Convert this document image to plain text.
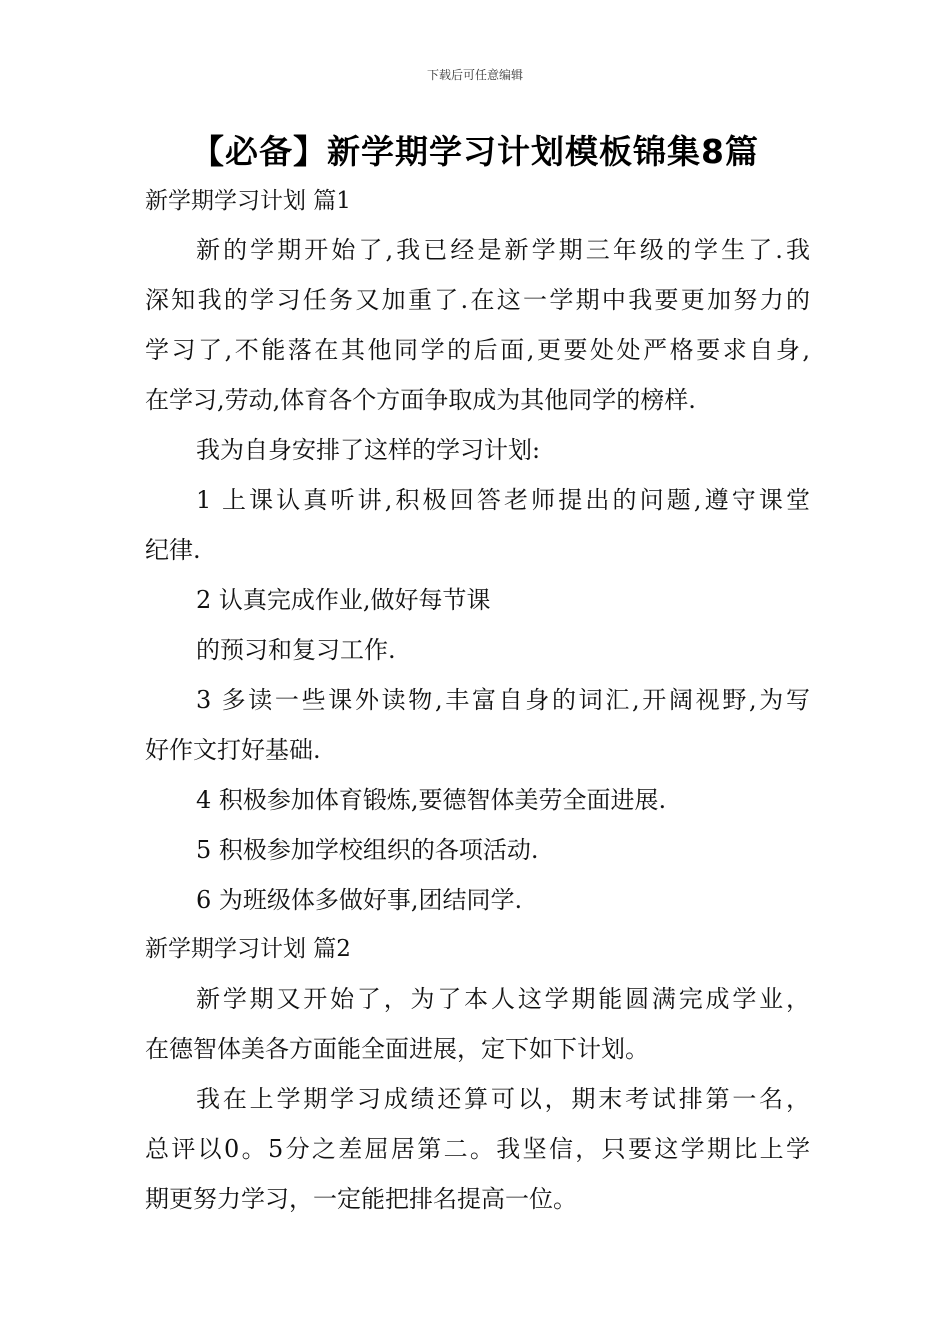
下载后可任意编辑
【必备】新学期学习计划模板锦集8篇
新学期学习计划 篇1
新的学期开始了,我已经是新学期三年级的学生了.我
深知我的学习任务又加重了.在这一学期中我要更加努力的
学习了,不能落在其他同学的后面,更要处处严格要求自身,
在学习,劳动,体育各个方面争取成为其他同学的榜样.
我为自身安排了这样的学习计划:
1 上课认真听讲,积极回答老师提出的问题,遵守课堂
纪律.
2 认真完成作业,做好每节课
的预习和复习工作.
3 多读一些课外读物,丰富自身的词汇,开阔视野,为写
好作文打好基础.
4 积极参加体育锻炼,要德智体美劳全面进展.
5 积极参加学校组织的各项活动.
6 为班级体多做好事,团结同学.
新学期学习计划 篇2
新学期又开始了，为了本人这学期能圆满完成学业，
在德智体美各方面能全面进展，定下如下计划。
我在上学期学习成绩还算可以，期末考试排第一名，
总评以0。5分之差屈居第二。我坚信，只要这学期比上学
期更努力学习，一定能把排名提高一位。
